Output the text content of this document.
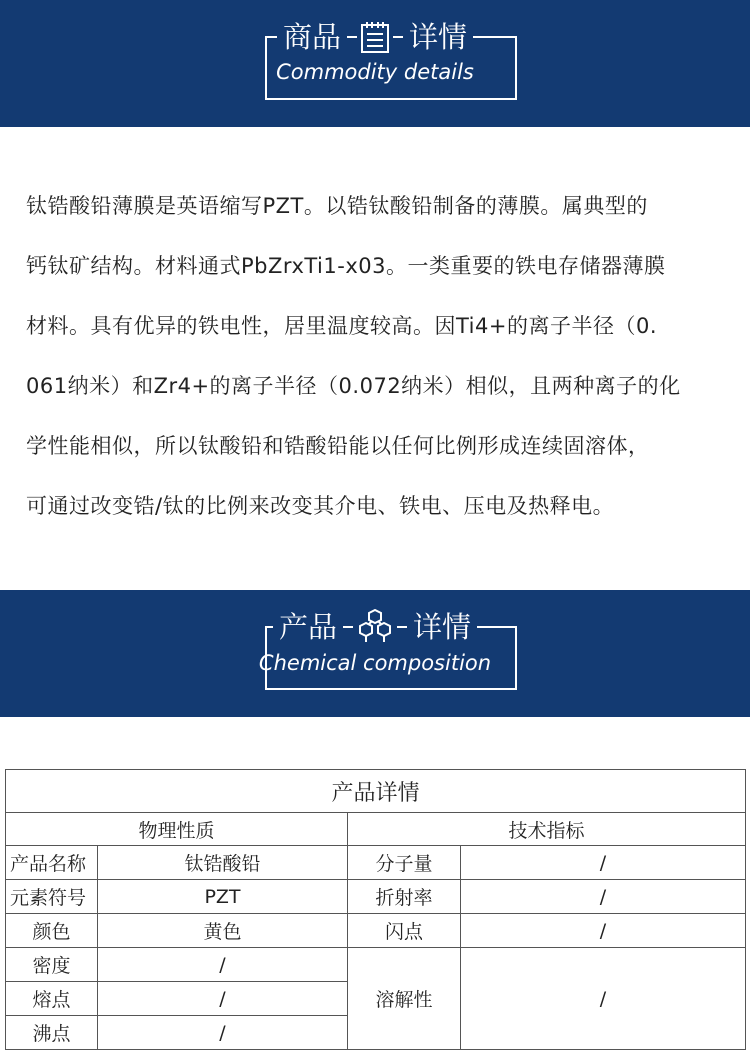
商品 详情
Commodity details
钛锆酸铅薄膜是英语缩写PZT。以锆钛酸铅制备的薄膜。属典型的
钙钛矿结构。材料通式PbZrxTi1-x03。一类重要的铁电存储器薄膜
材料。具有优异的铁电性，居里温度较高。因Ti4+的离子半径（0.
061纳米）和Zr4+的离子半径（0.072纳米）相似，且两种离子的化
学性能相似，所以钛酸铅和锆酸铅能以任何比例形成连续固溶体，
可通过改变锆/钛的比例来改变其介电、铁电、压电及热释电。
产品	详情
Chemical composition
产品详情			
物理性质		技术指标	
产品名称	钛锆酸铅	分子量	/
元素符号	PZT	折射率	/
颜色	黄色	闪点	/
密度	/	溶解性	/
熔点	/		
沸点	/		
